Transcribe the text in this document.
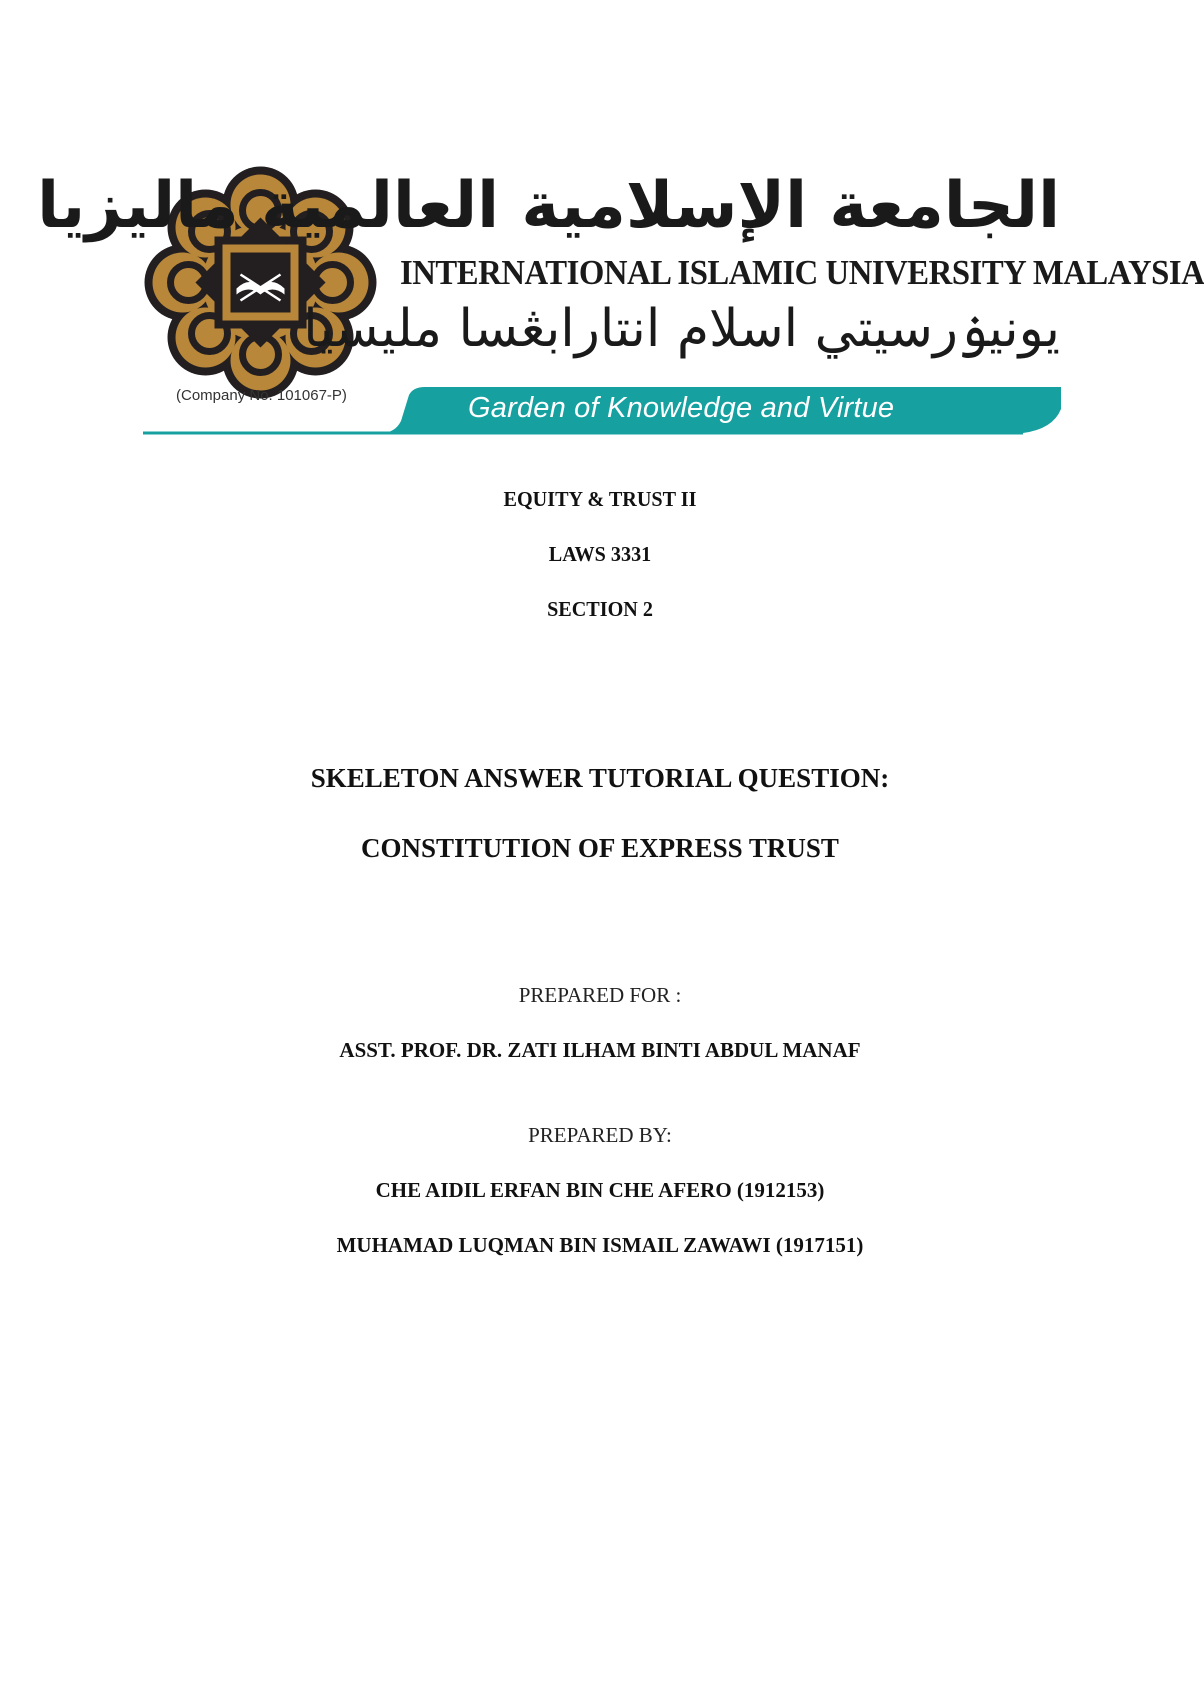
الجامعة الإسلامية العالمية ماليزيا
INTERNATIONAL ISLAMIC UNIVERSITY MALAYSIA
يونيۏرسيتي اسلام انتارابڠسا مليسيا
(Company No. 101067-P)	Garden of Knowledge and Virtue
EQUITY & TRUST II
LAWS 3331
SECTION 2
SKELETON ANSWER TUTORIAL QUESTION:
CONSTITUTION OF EXPRESS TRUST
PREPARED FOR :
ASST. PROF. DR. ZATI ILHAM BINTI ABDUL MANAF
PREPARED BY:
CHE AIDIL ERFAN BIN CHE AFERO (1912153)
MUHAMAD LUQMAN BIN ISMAIL ZAWAWI (1917151)
